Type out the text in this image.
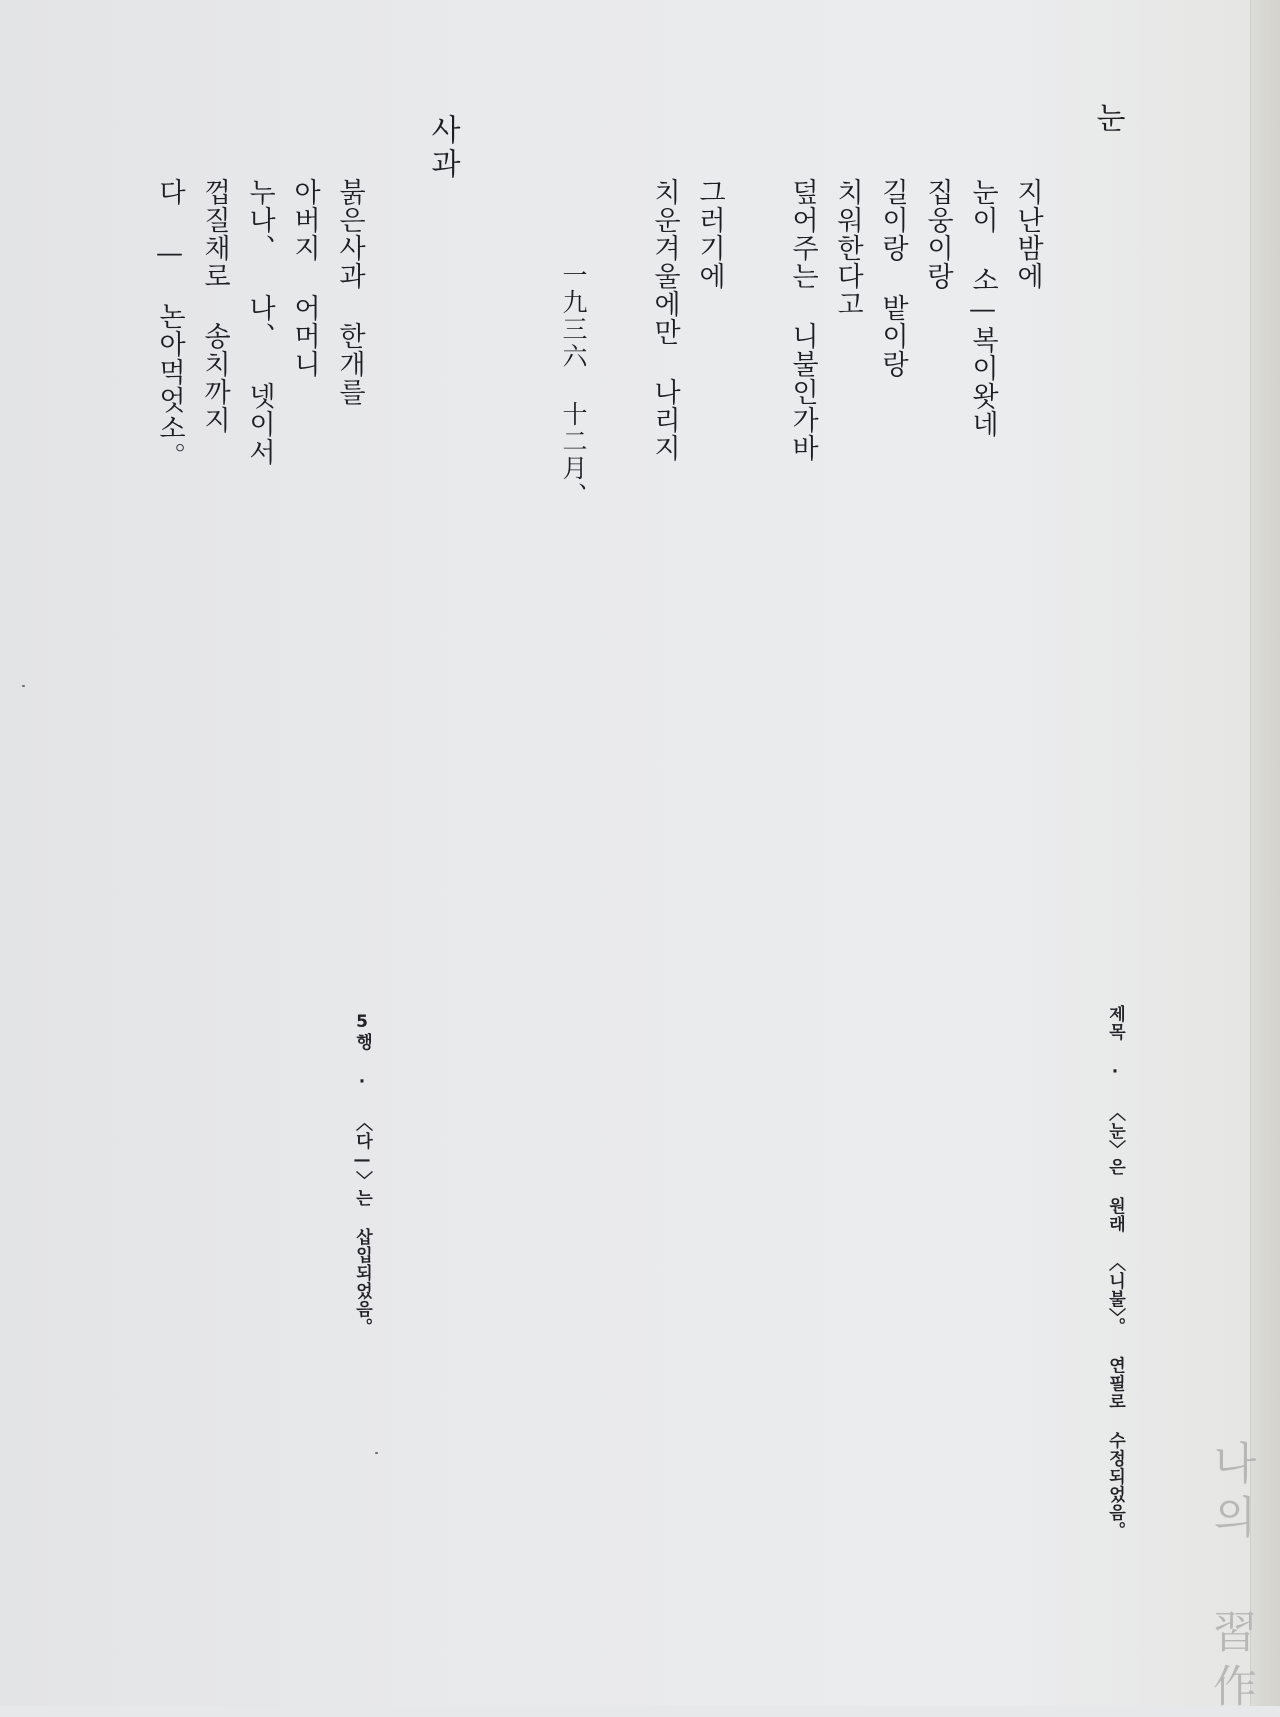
눈
지난밤에
눈이 소—복이왓네
집웅이랑
길이랑 밭이랑
치워한다고
덮어주는 니불인가바
그러기에
치운겨울에만 나리지
一九三六 十二月、
사과
붉은사과 한개를
아버지 어머니
누나、 나、 넷이서
껍질채로 송치까지
다 — 논아먹엇소。
제목 · 〈눈〉은 원래 〈니불〉。 연필로 수정되었음。
5행 · 〈다—〉는 삽입되었음。
나의 習作
